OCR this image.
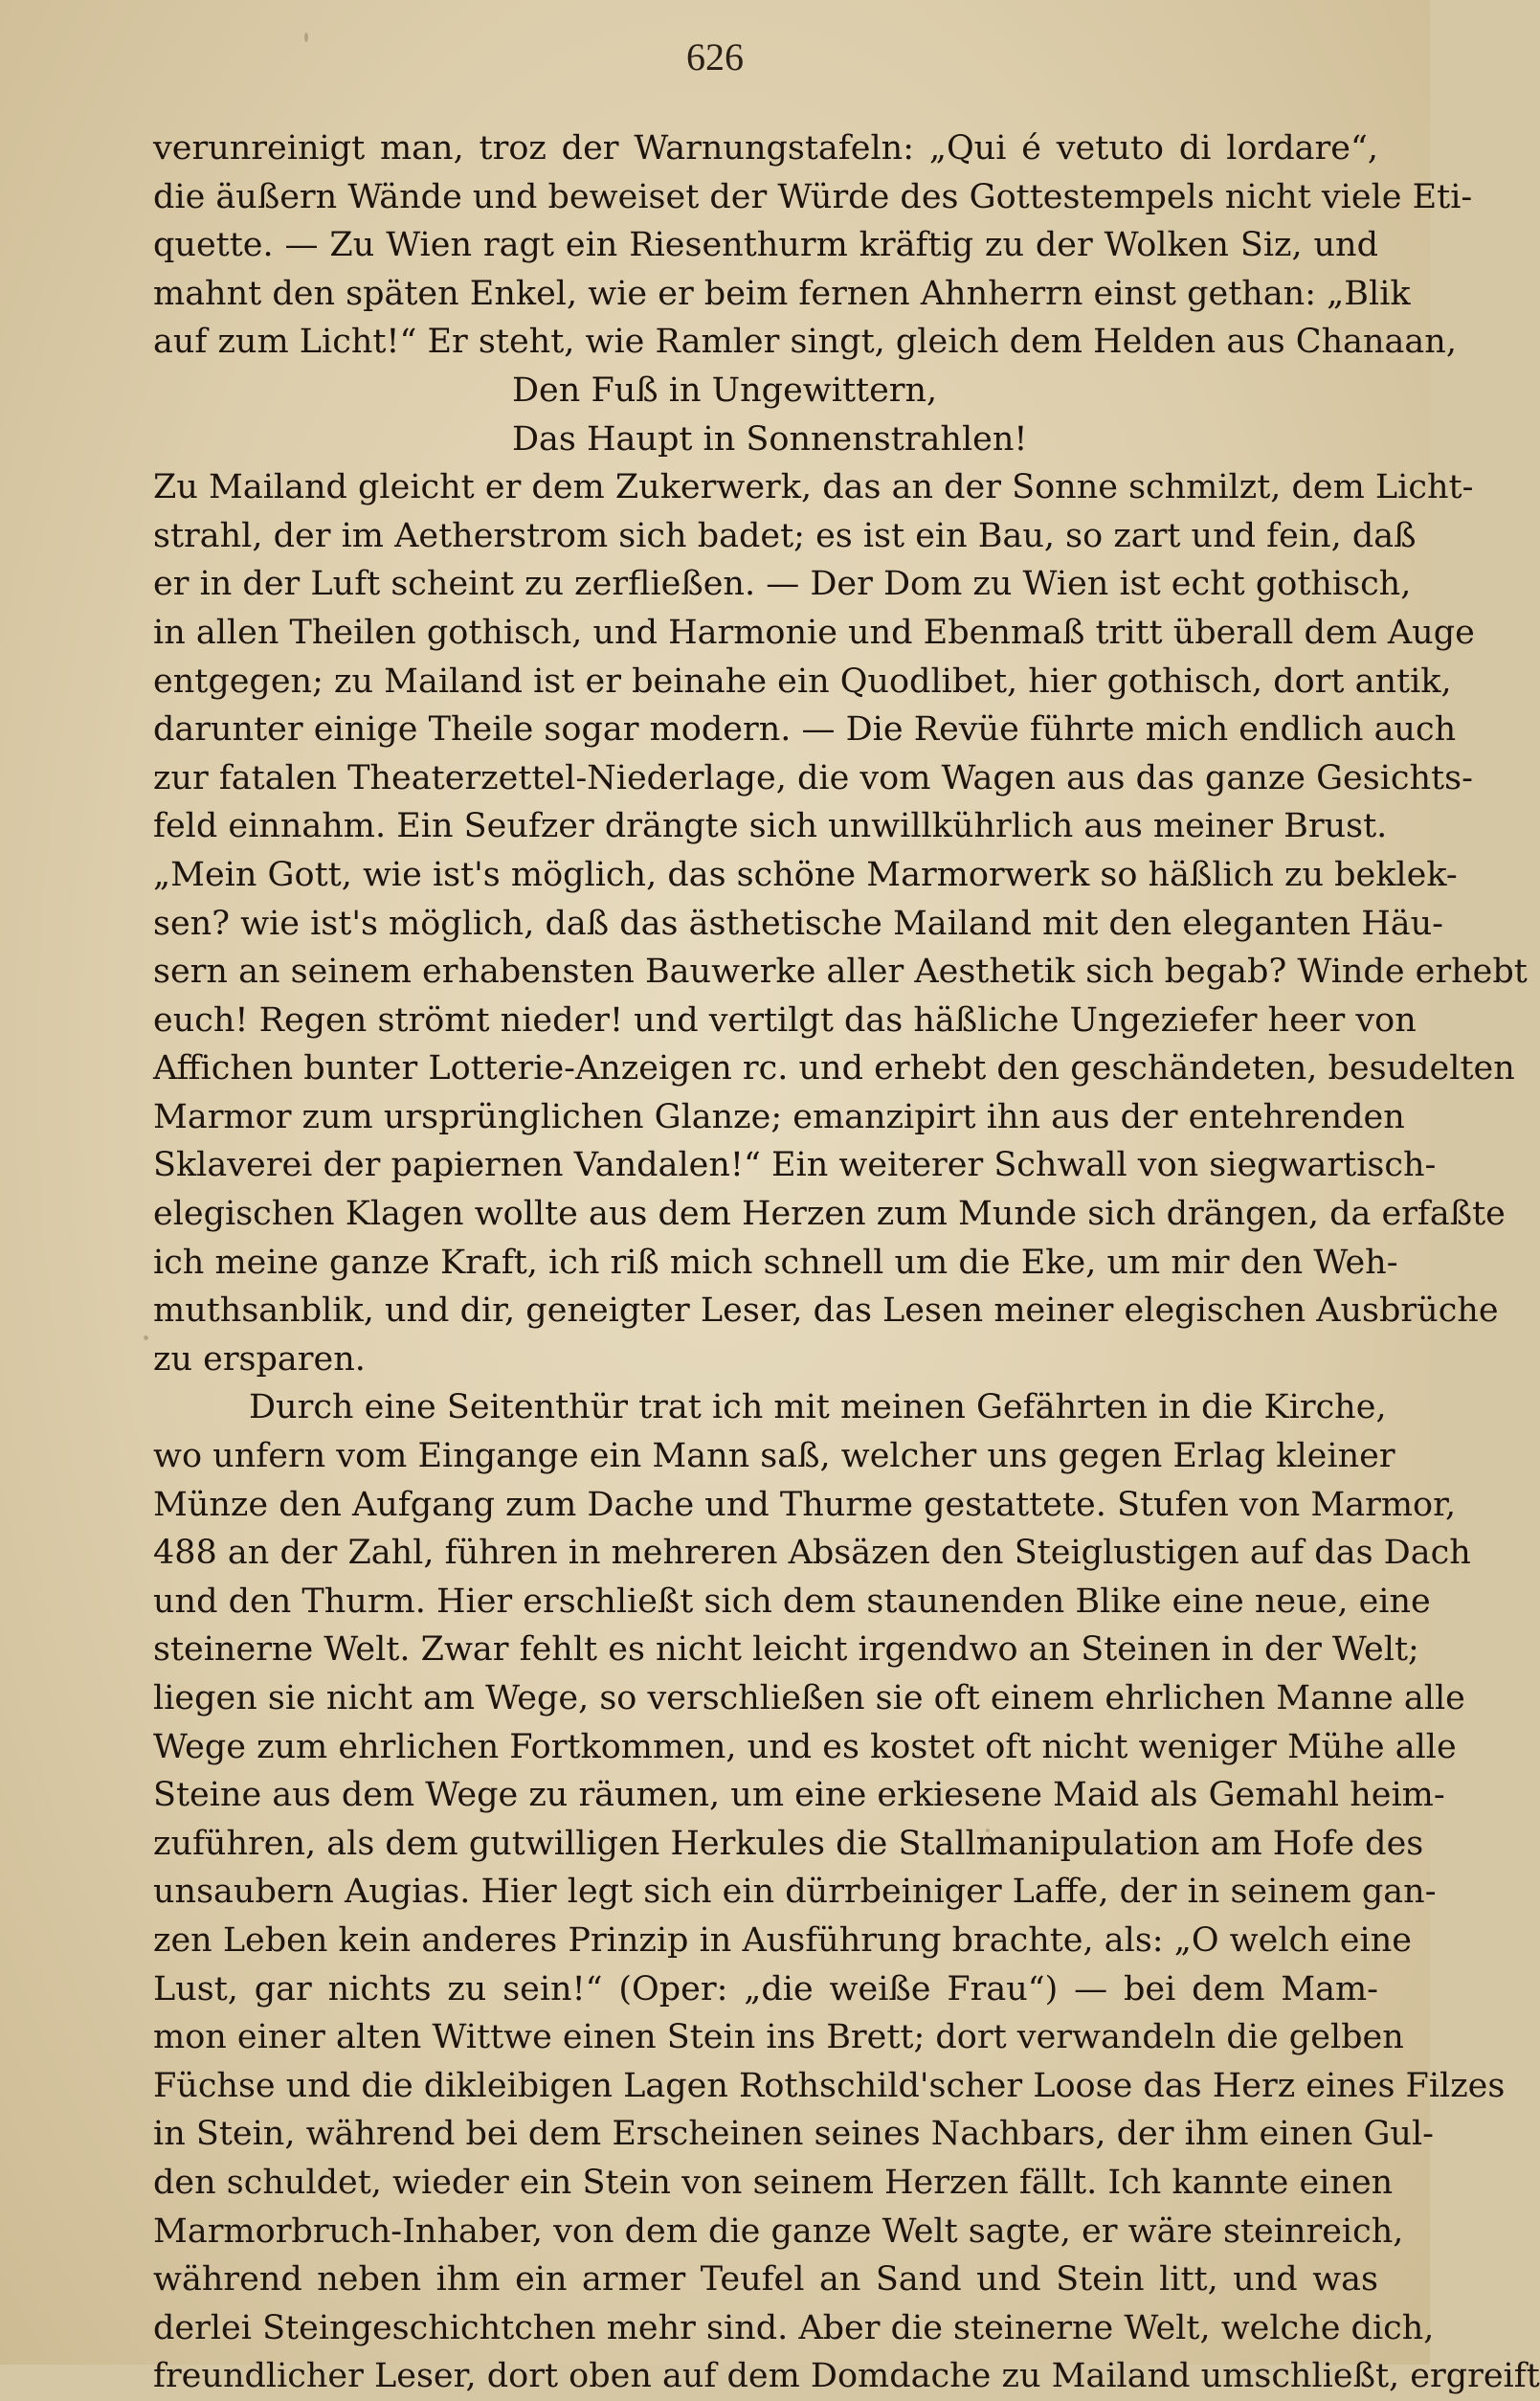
626
verunreinigt man, troz der Warnungstafeln: „Qui é vetuto di lordare“,
die äußern Wände und beweiset der Würde des Gottestempels nicht viele Eti-
quette. — Zu Wien ragt ein Riesenthurm kräftig zu der Wolken Siz, und
mahnt den späten Enkel, wie er beim fernen Ahnherrn einst gethan: „Blik
auf zum Licht!“ Er steht, wie Ramler singt, gleich dem Helden aus Chanaan,
Den Fuß in Ungewittern,
Das Haupt in Sonnenstrahlen!
Zu Mailand gleicht er dem Zukerwerk, das an der Sonne schmilzt, dem Licht-
strahl, der im Aetherstrom sich badet; es ist ein Bau, so zart und fein, daß
er in der Luft scheint zu zerfließen. — Der Dom zu Wien ist echt gothisch,
in allen Theilen gothisch, und Harmonie und Ebenmaß tritt überall dem Auge
entgegen; zu Mailand ist er beinahe ein Quodlibet, hier gothisch, dort antik,
darunter einige Theile sogar modern. — Die Revüe führte mich endlich auch
zur fatalen Theaterzettel-Niederlage, die vom Wagen aus das ganze Gesichts-
feld einnahm. Ein Seufzer drängte sich unwillkührlich aus meiner Brust.
„Mein Gott, wie ist's möglich, das schöne Marmorwerk so häßlich zu beklek-
sen? wie ist's möglich, daß das ästhetische Mailand mit den eleganten Häu-
sern an seinem erhabensten Bauwerke aller Aesthetik sich begab? Winde erhebt
euch! Regen strömt nieder! und vertilgt das häßliche Ungeziefer heer von
Affichen bunter Lotterie-Anzeigen rc. und erhebt den geschändeten, besudelten
Marmor zum ursprünglichen Glanze; emanzipirt ihn aus der entehrenden
Sklaverei der papiernen Vandalen!“ Ein weiterer Schwall von siegwartisch-
elegischen Klagen wollte aus dem Herzen zum Munde sich drängen, da erfaßte
ich meine ganze Kraft, ich riß mich schnell um die Eke, um mir den Weh-
muthsanblik, und dir, geneigter Leser, das Lesen meiner elegischen Ausbrüche
zu ersparen.
Durch eine Seitenthür trat ich mit meinen Gefährten in die Kirche,
wo unfern vom Eingange ein Mann saß, welcher uns gegen Erlag kleiner
Münze den Aufgang zum Dache und Thurme gestattete. Stufen von Marmor,
488 an der Zahl, führen in mehreren Absäzen den Steiglustigen auf das Dach
und den Thurm. Hier erschließt sich dem staunenden Blike eine neue, eine
steinerne Welt. Zwar fehlt es nicht leicht irgendwo an Steinen in der Welt;
liegen sie nicht am Wege, so verschließen sie oft einem ehrlichen Manne alle
Wege zum ehrlichen Fortkommen, und es kostet oft nicht weniger Mühe alle
Steine aus dem Wege zu räumen, um eine erkiesene Maid als Gemahl heim-
zuführen, als dem gutwilligen Herkules die Stallmanipulation am Hofe des
unsaubern Augias. Hier legt sich ein dürrbeiniger Laffe, der in seinem gan-
zen Leben kein anderes Prinzip in Ausführung brachte, als: „O welch eine
Lust, gar nichts zu sein!“ (Oper: „die weiße Frau“) — bei dem Mam-
mon einer alten Wittwe einen Stein ins Brett; dort verwandeln die gelben
Füchse und die dikleibigen Lagen Rothschild'scher Loose das Herz eines Filzes
in Stein, während bei dem Erscheinen seines Nachbars, der ihm einen Gul-
den schuldet, wieder ein Stein von seinem Herzen fällt. Ich kannte einen
Marmorbruch-Inhaber, von dem die ganze Welt sagte, er wäre steinreich,
während neben ihm ein armer Teufel an Sand und Stein litt, und was
derlei Steingeschichtchen mehr sind. Aber die steinerne Welt, welche dich,
freundlicher Leser, dort oben auf dem Domdache zu Mailand umschließt, ergreift
